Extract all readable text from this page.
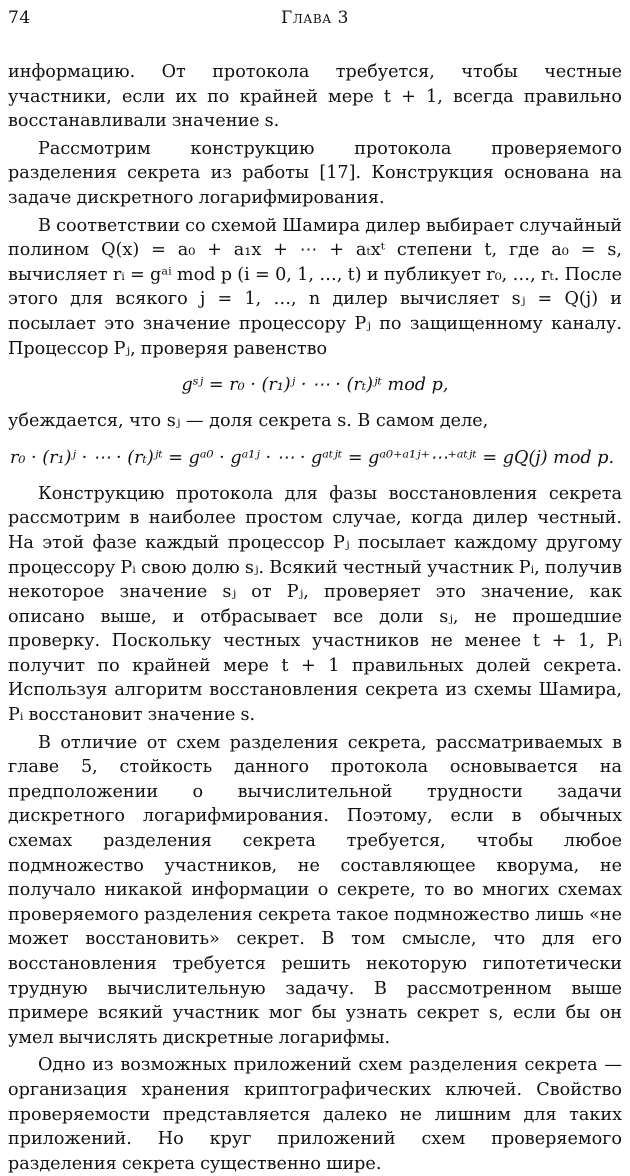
74	Глава 3

информацию. От протокола требуется, чтобы честные участники, если их по крайней мере t + 1, всегда правильно восстанавливали значение s.

Рассмотрим конструкцию протокола проверяемого разделения секрета из работы [17]. Конструкция основана на задаче дискретного логарифмирования.

В соответствии со схемой Шамира дилер выбирает случайный полином Q(x) = a₀ + a₁x + ⋯ + aₜxᵗ степени t, где a₀ = s, вычисляет rᵢ = gᵃⁱ mod p (i = 0, 1, …, t) и публикует r₀, …, rₜ. После этого для всякого j = 1, …, n дилер вычисляет sⱼ = Q(j) и посылает это значение процессору Pⱼ по защищенному каналу. Процессор Pⱼ, проверяя равенство

gˢʲ = r₀ · (r₁)ʲ · ⋯ · (rₜ)ʲᵗ mod p,

убеждается, что sⱼ — доля секрета s. В самом деле,

r₀ · (r₁)ʲ · ⋯ · (rₜ)ʲᵗ = gᵃ⁰ · gᵃ¹ʲ · ⋯ · gᵃᵗʲᵗ = gᵃ⁰⁺ᵃ¹ʲ⁺⋯⁺ᵃᵗʲᵗ = gQ(j) mod p.

Конструкцию протокола для фазы восстановления секрета рассмотрим в наиболее простом случае, когда дилер честный. На этой фазе каждый процессор Pⱼ посылает каждому другому процессору Pᵢ свою долю sⱼ. Всякий честный участник Pᵢ, получив некоторое значение sⱼ от Pⱼ, проверяет это значение, как описано выше, и отбрасывает все доли sⱼ, не прошедшие проверку. Поскольку честных участников не менее t + 1, Pᵢ получит по крайней мере t + 1 правильных долей секрета. Используя алгоритм восстановления секрета из схемы Шамира, Pᵢ восстановит значение s.

В отличие от схем разделения секрета, рассматриваемых в главе 5, стойкость данного протокола основывается на предположении о вычислительной трудности задачи дискретного логарифмирования. Поэтому, если в обычных схемах разделения секрета требуется, чтобы любое подмножество участников, не составляющее кворума, не получало никакой информации о секрете, то во многих схемах проверяемого разделения секрета такое подмножество лишь «не может восстановить» секрет. В том смысле, что для его восстановления требуется решить некоторую гипотетически трудную вычислительную задачу. В рассмотренном выше примере всякий участник мог бы узнать секрет s, если бы он умел вычислять дискретные логарифмы.

Одно из возможных приложений схем разделения секрета — организация хранения криптографических ключей. Свойство проверяемости представляется далеко не лишним для таких приложений. Но круг приложений схем проверяемого разделения секрета существенно шире.
